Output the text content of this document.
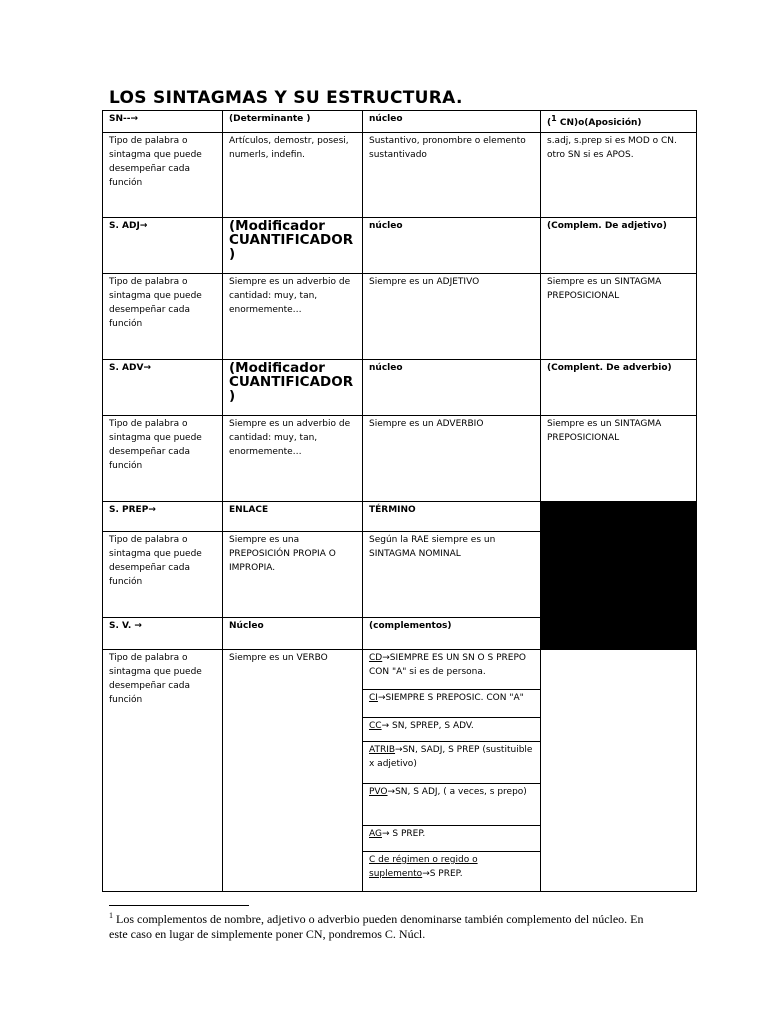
LOS SINTAGMAS Y SU ESTRUCTURA.
SN--→	(Determinante )	núcleo	(1 CN)o(Aposición)
Tipo de palabra o sintagma que puede desempeñar cada función	Artículos, demostr, posesi, numerls, indefin.	Sustantivo, pronombre o elemento sustantivado	s.adj, s.prep si es MOD o CN. otro SN si es APOS.
S. ADJ→	(Modificador CUANTIFICADOR )	núcleo	(Complem. De adjetivo)
Tipo de palabra o sintagma que puede desempeñar cada función	Siempre es un adverbio de cantidad: muy, tan, enormemente…	Siempre es un ADJETIVO	Siempre es un SINTAGMA PREPOSICIONAL
S. ADV→	(Modificador CUANTIFICADOR )	núcleo	(Complent. De adverbio)
Tipo de palabra o sintagma que puede desempeñar cada función	Siempre es un adverbio de cantidad: muy, tan, enormemente…	Siempre es un ADVERBIO	Siempre es un SINTAGMA PREPOSICIONAL
S. PREP→	ENLACE	TÉRMINO	
Tipo de palabra o sintagma que puede desempeñar cada función	Siempre es una PREPOSICIÓN PROPIA O IMPROPIA.	Según la RAE siempre es un SINTAGMA NOMINAL	
S. V. →	Núcleo	(complementos)	
Tipo de palabra o sintagma que puede desempeñar cada función	Siempre es un VERBO	CD→SIEMPRE ES UN SN O S PREPO CON "A" si es de persona.	
		CI→SIEMPRE S PREPOSIC. CON "A"	
		CC→ SN, SPREP, S ADV.	
		ATRIB→SN, SADJ, S PREP (sustituible x adjetivo)	
		PVO→SN, S ADJ, ( a veces, s prepo)	
		AG→ S PREP.	
		C de régimen o regido o suplemento→S PREP.	
$^1$ Los complementos de nombre, adjetivo o adverbio pueden denominarse también complemento del núcleo. En este caso en lugar de simplemente poner CN, pondremos C. Núcl.
